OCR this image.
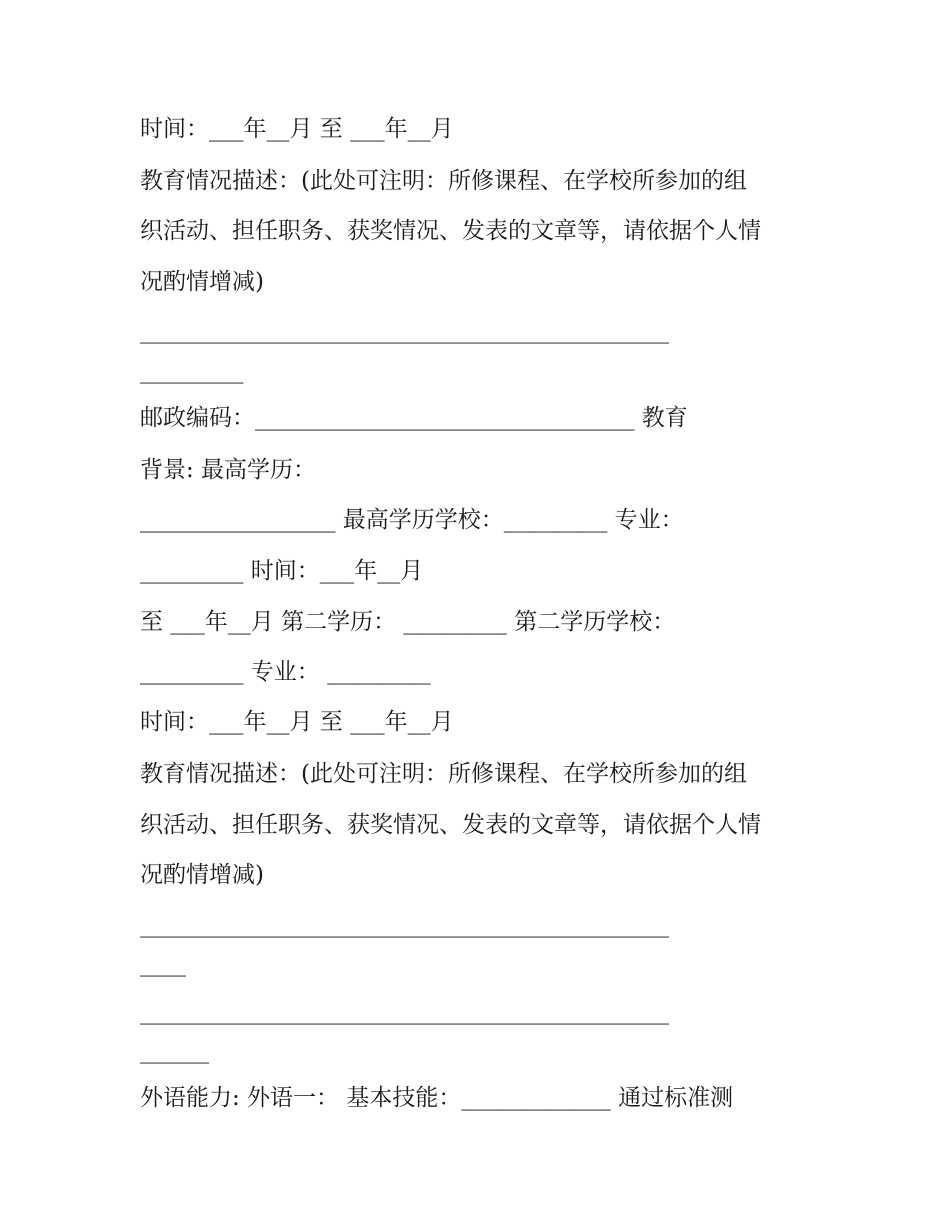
时间：___年__月 至 ___年__月

教育情况描述：(此处可注明：所修课程、在学校所参加的组

织活动、担任职务、获奖情况、发表的文章等，请依据个人情

况酌情增减)

______________________________________________

_________

邮政编码：_________________________________ 教育

背景: 最高学历：

_________________ 最高学历学校：_________ 专业：

_________ 时间：___年__月

至 ___年__月 第二学历： _________ 第二学历学校：

_________ 专业： _________

时间：___年__月 至 ___年__月

教育情况描述：(此处可注明：所修课程、在学校所参加的组

织活动、担任职务、获奖情况、发表的文章等，请依据个人情

况酌情增减)

______________________________________________

____

______________________________________________

______

外语能力: 外语一： 基本技能：_____________ 通过标准测
